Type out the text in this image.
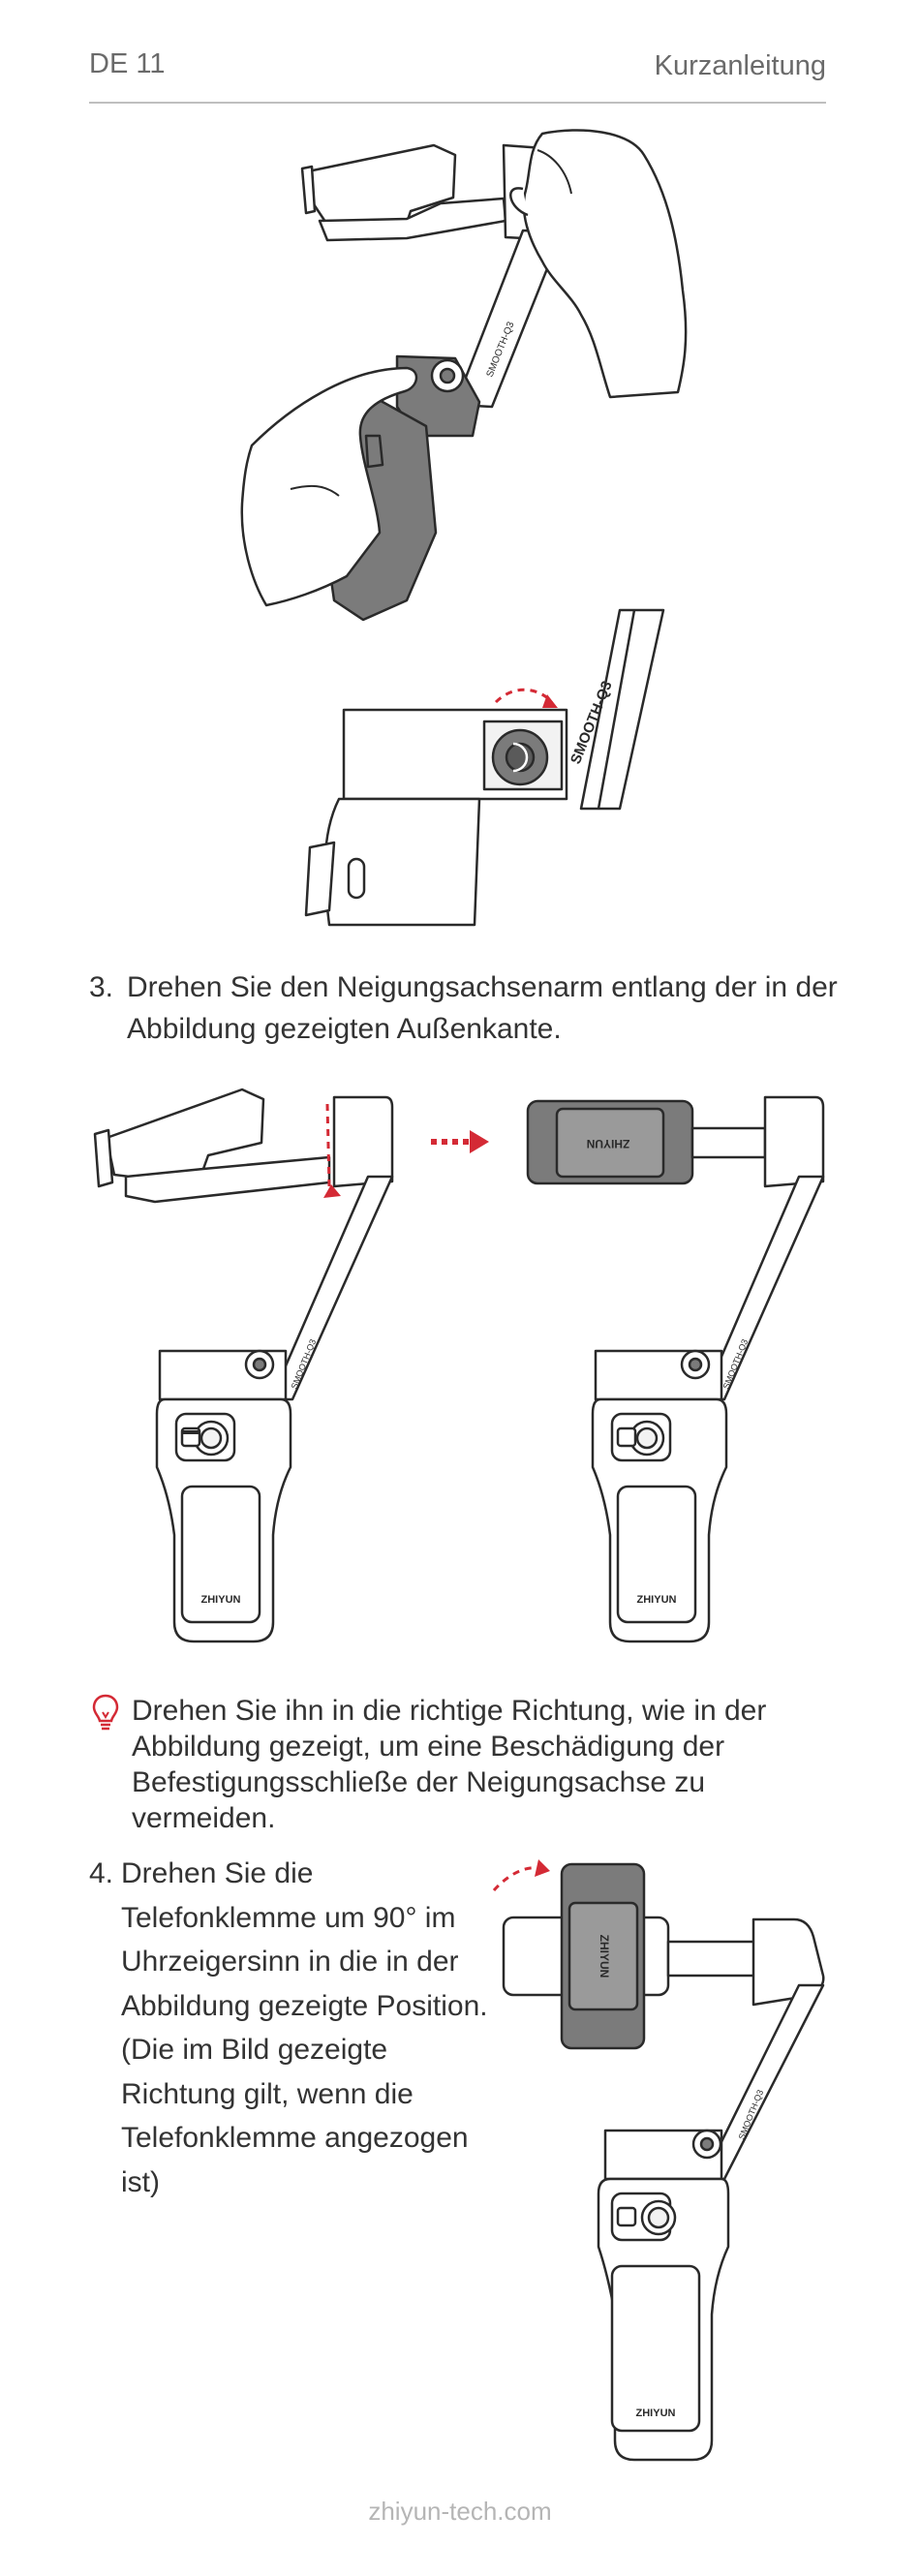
DE 11	Kurzanleitung
SMOOTH-Q3
SMOOTH-Q3
3. Drehen Sie den Neigungsachsenarm entlang der in der Abbildung gezeigten Außenkante.
ZHIYUN
SMOOTH-Q3
ZHIYUN
ZHIYUN
SMOOTH-Q3
Drehen Sie ihn in die richtige Richtung, wie in der Abbildung gezeigt, um eine Beschädigung der Befestigungsschließe der Neigungsachse zu vermeiden.
4. Drehen Sie die Telefonklemme um 90° im Uhrzeigersinn in die in der Abbildung gezeigte Position. (Die im Bild gezeigte Richtung gilt, wenn die Telefonklemme angezogen ist)
ZHIYUN
ZHIYUN
SMOOTH-Q3
zhiyun-tech.com
